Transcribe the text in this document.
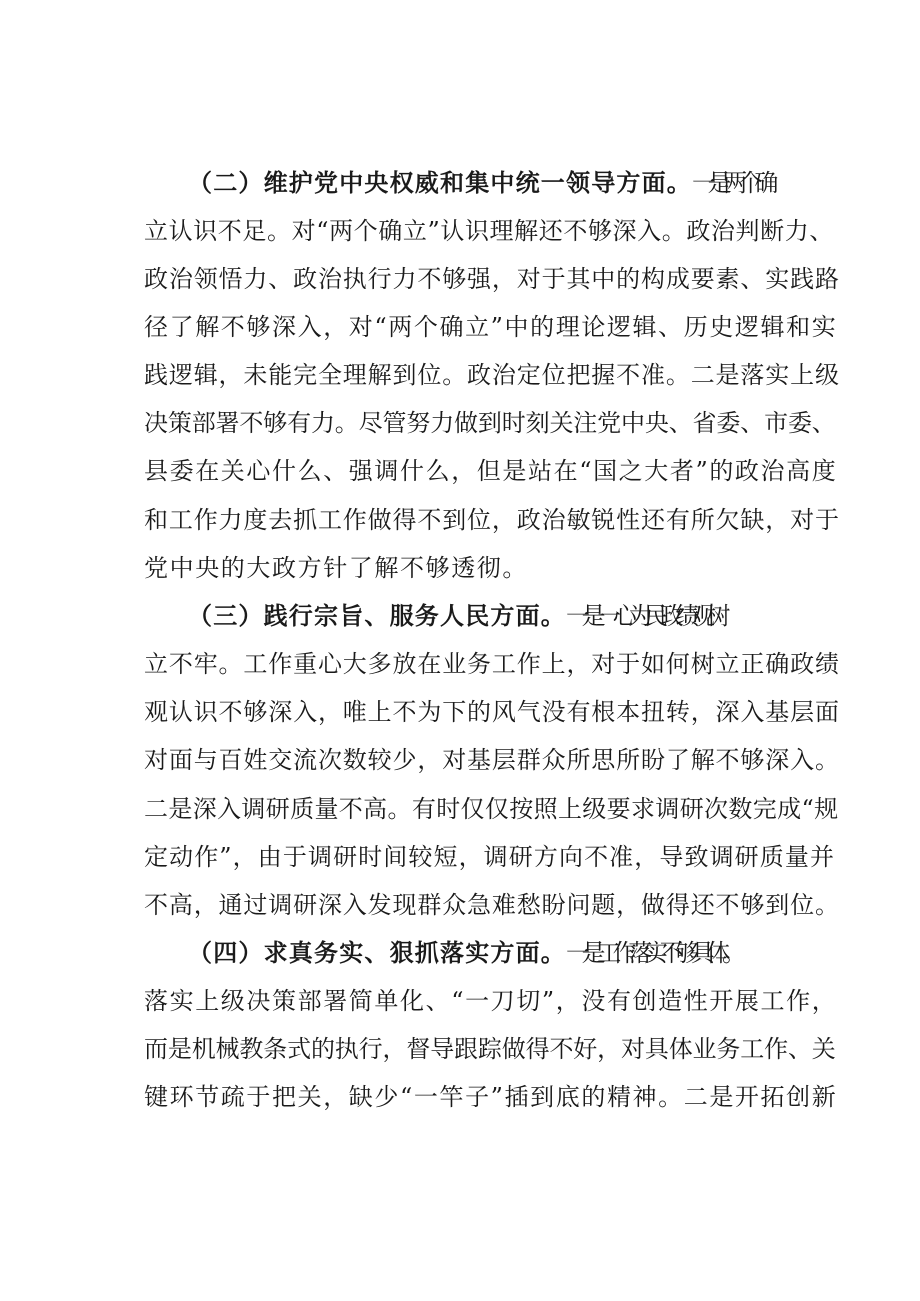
（二）维护党中央权威和集中统一领导方面。一是两个确
立认识不足。对“两个确立”认识理解还不够深入。政治判断力、
政治领悟力、政治执行力不够强，对于其中的构成要素、实践路
径了解不够深入，对“两个确立”中的理论逻辑、历史逻辑和实
践逻辑，未能完全理解到位。政治定位把握不准。二是落实上级
决策部署不够有力。尽管努力做到时刻关注党中央、省委、市委、
县委在关心什么、强调什么，但是站在“国之大者”的政治高度
和工作力度去抓工作做得不到位，政治敏锐性还有所欠缺，对于
党中央的大政方针了解不够透彻。
（三）践行宗旨、服务人民方面。一是一心为民政绩观树
立不牢。工作重心大多放在业务工作上，对于如何树立正确政绩
观认识不够深入，唯上不为下的风气没有根本扭转，深入基层面
对面与百姓交流次数较少，对基层群众所思所盼了解不够深入。
二是深入调研质量不高。有时仅仅按照上级要求调研次数完成“规
定动作”，由于调研时间较短，调研方向不准，导致调研质量并
不高，通过调研深入发现群众急难愁盼问题，做得还不够到位。
（四）求真务实、狠抓落实方面。一是工作落实不够具体。
落实上级决策部署简单化、“一刀切”，没有创造性开展工作，
而是机械教条式的执行，督导跟踪做得不好，对具体业务工作、关
键环节疏于把关，缺少“一竿子”插到底的精神。二是开拓创新
